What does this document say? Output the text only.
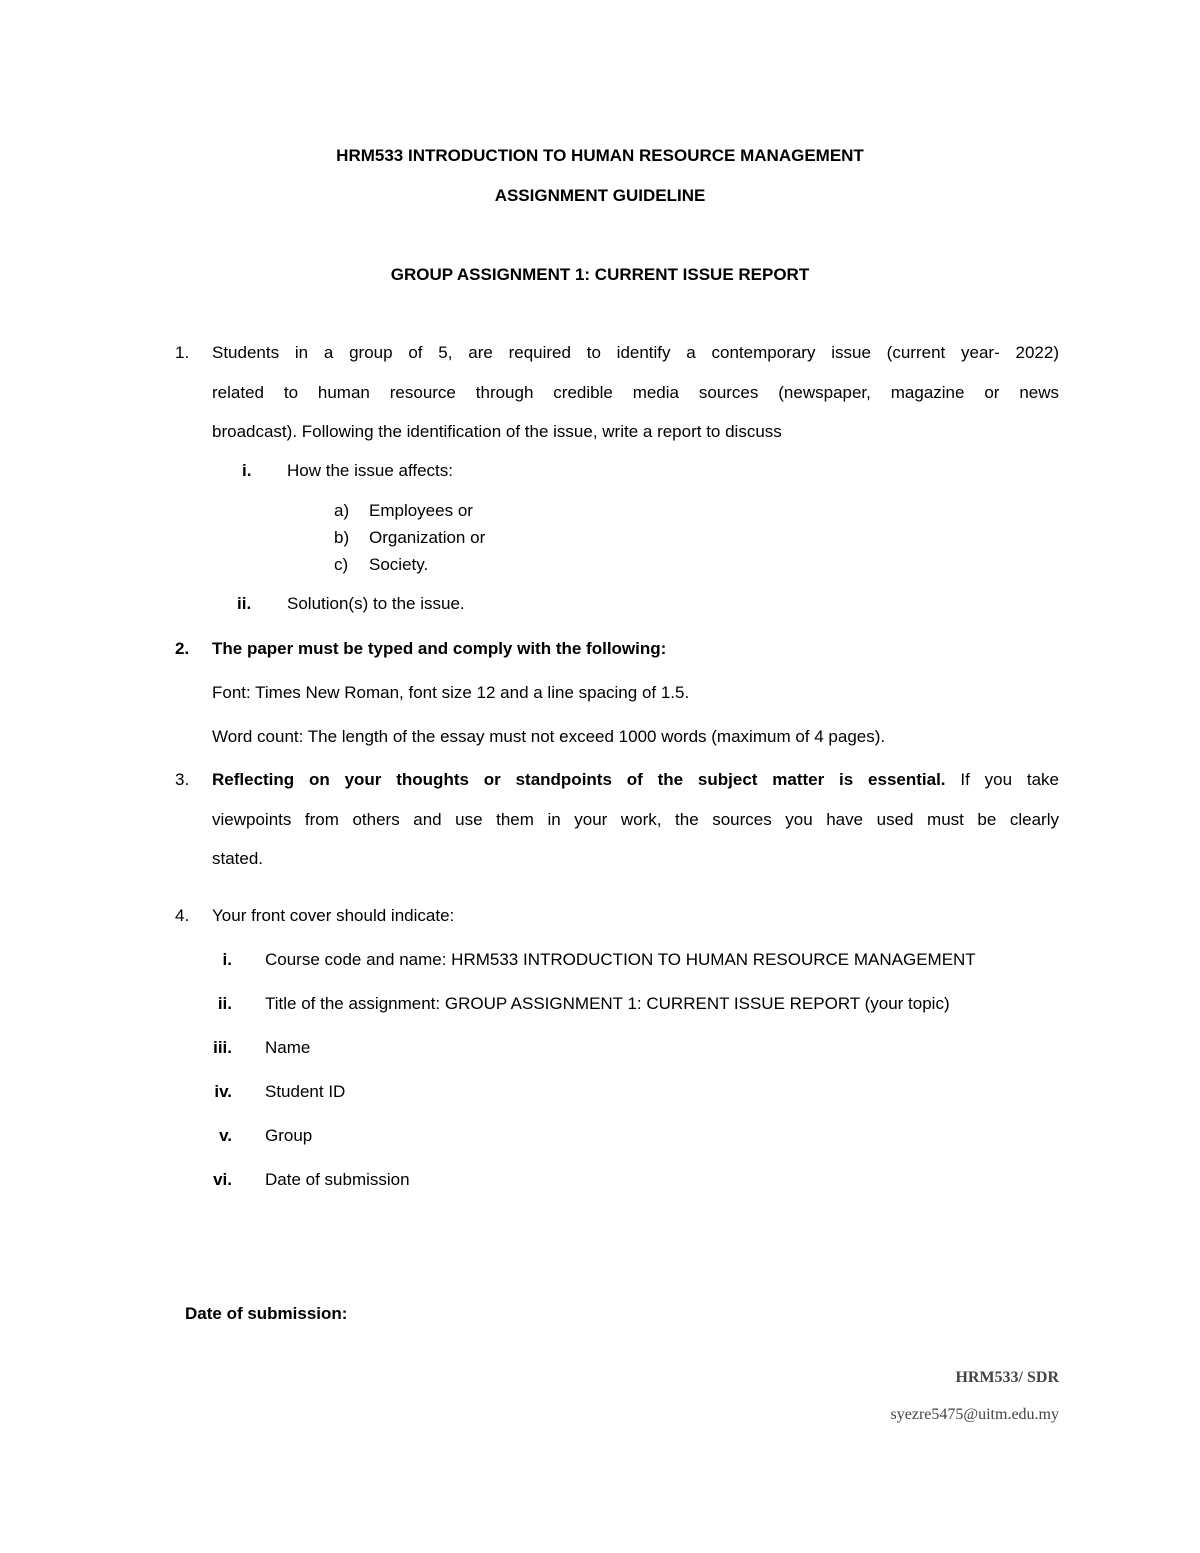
HRM533 INTRODUCTION TO HUMAN RESOURCE MANAGEMENT
ASSIGNMENT GUIDELINE
GROUP ASSIGNMENT 1: CURRENT ISSUE REPORT
1. Students in a group of 5, are required to identify a contemporary issue (current year- 2022)
related to human resource through credible media sources (newspaper, magazine or news
broadcast). Following the identification of the issue, write a report to discuss
i. How the issue affects:
a) Employees or
b) Organization or
c) Society.
ii. Solution(s) to the issue.
2. The paper must be typed and comply with the following:
Font: Times New Roman, font size 12 and a line spacing of 1.5.
Word count: The length of the essay must not exceed 1000 words (maximum of 4 pages).
3. Reflecting on your thoughts or standpoints of the subject matter is essential. If you take
viewpoints from others and use them in your work, the sources you have used must be clearly
stated.
4. Your front cover should indicate:
i. Course code and name: HRM533 INTRODUCTION TO HUMAN RESOURCE MANAGEMENT
ii. Title of the assignment: GROUP ASSIGNMENT 1: CURRENT ISSUE REPORT (your topic)
iii. Name
iv. Student ID
v. Group
vi. Date of submission
Date of submission:
HRM533/ SDR
syezre5475@uitm.edu.my
